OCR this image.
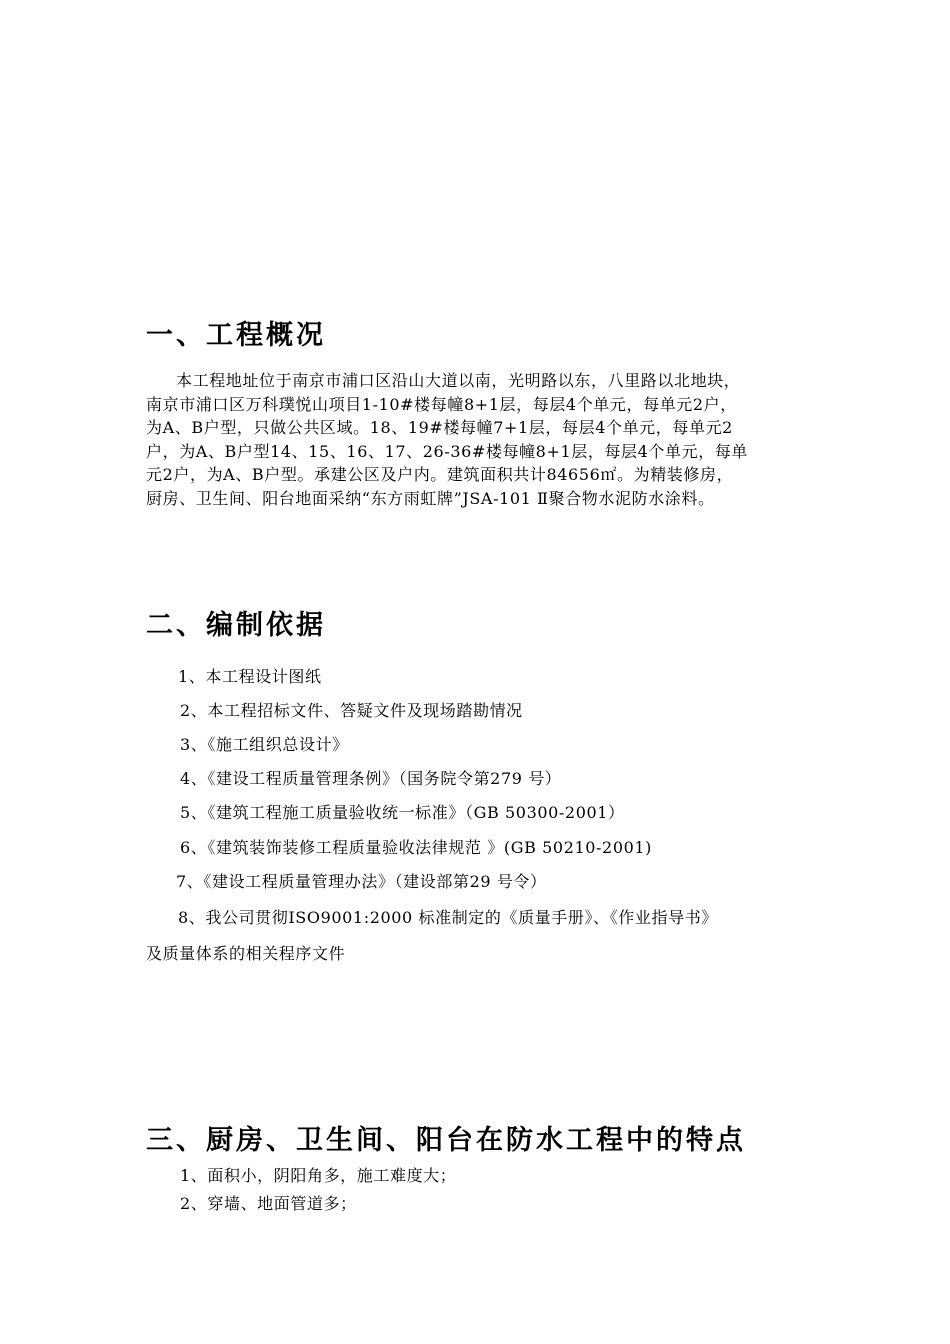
一、工程概况
本工程地址位于南京市浦口区沿山大道以南，光明路以东，八里路以北地块，
南京市浦口区万科璞悦山项目1-10#楼每幢8+1层，每层4个单元，每单元2户，
为A、B户型，只做公共区域。18、19#楼每幢7+1层，每层4个单元，每单元2
户，为A、B户型14、15、16、17、26-36#楼每幢8+1层，每层4个单元，每单
元2户，为A、B户型。承建公区及户内。建筑面积共计84656㎡。为精装修房，
厨房、卫生间、阳台地面采纳“东方雨虹牌”JSA-101 Ⅱ聚合物水泥防水涂料。
二、编制依据
1、本工程设计图纸
2、本工程招标文件、答疑文件及现场踏勘情况
3、《施工组织总设计》
4、《建设工程质量管理条例》（国务院令第279 号）
5、《建筑工程施工质量验收统一标准》（GB 50300-2001）
6、《建筑装饰装修工程质量验收法律规范 》(GB 50210-2001)
7、《建设工程质量管理办法》（建设部第29 号令）
8、我公司贯彻ISO9001:2000 标准制定的《质量手册》、《作业指导书》
及质量体系的相关程序文件
三、厨房、卫生间、阳台在防水工程中的特点
1、面积小，阴阳角多，施工难度大；
2、穿墙、地面管道多；
